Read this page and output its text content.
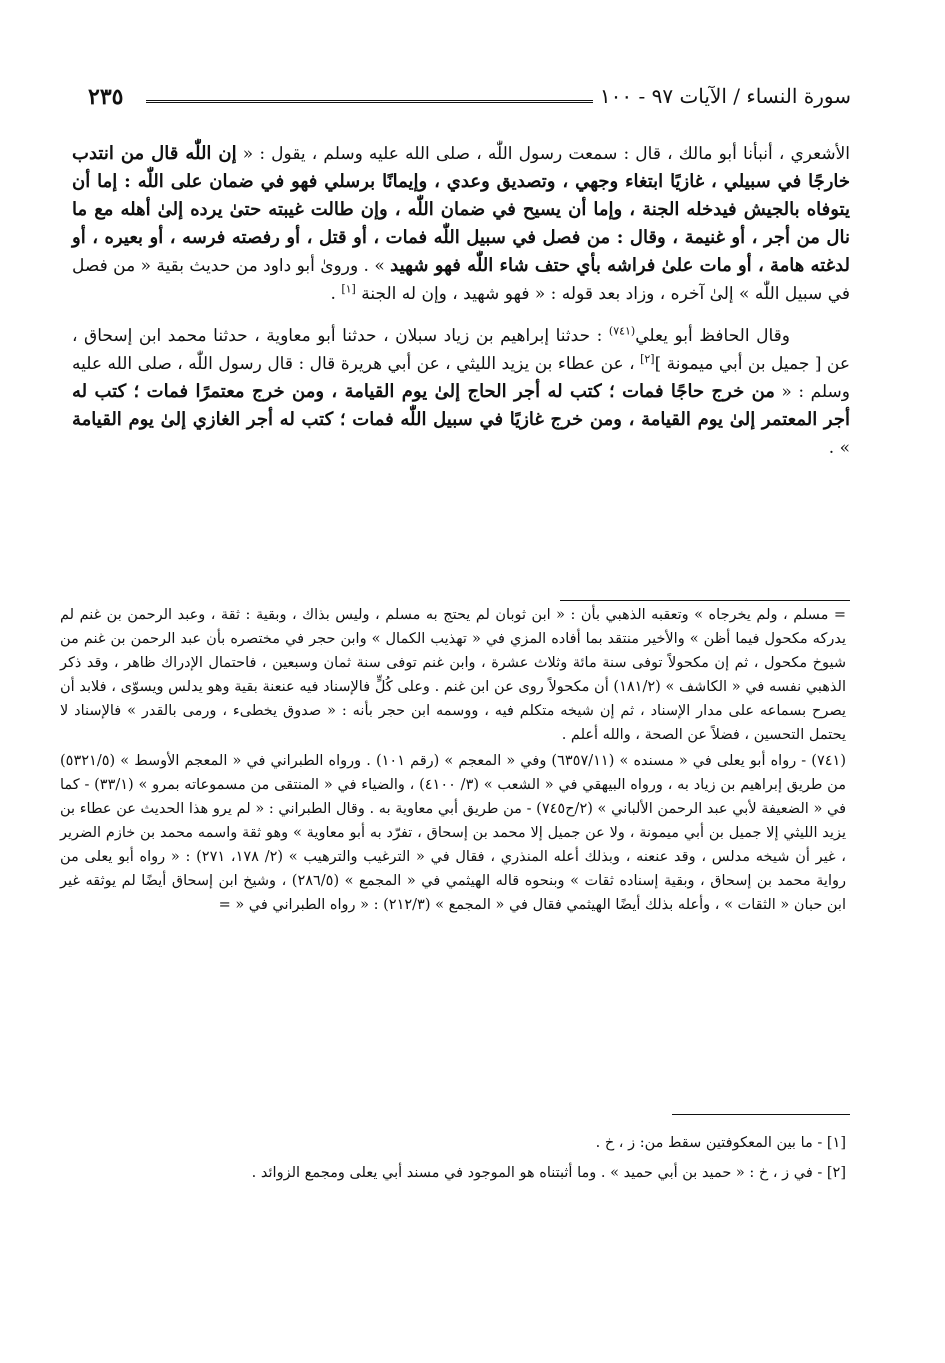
سورة النساء / الآيات ٩٧ - ١٠٠
٢٣٥

الأشعري ، أنبأنا أبو مالك ، قال : سمعت رسول اللّٰه ، صلى الله عليه وسلم ، يقول : « إن اللّٰه قال من انتدب خارجًا في سبيلي ، غازيًا ابتغاء وجهي ، وتصديق وعدي ، وإيمانًا برسلي فهو في ضمان على اللّٰه : إما أن يتوفاه بالجيش فيدخله الجنة ، وإما أن يسيح في ضمان اللّٰه ، وإن طالت غيبته حتىٰ يرده إلىٰ أهله مع ما نال من أجر ، أو غنيمة ، وقال : من فصل في سبيل اللّٰه فمات ، أو قتل ، أو رفصته فرسه ، أو بعيره ، أو لدغته هامة ، أو مات علىٰ فراشه بأي حتف شاء اللّٰه فهو شهيد » . وروىٰ أبو داود من حديث بقية « من فصل في سبيل اللّٰه » إلىٰ آخره ، وزاد بعد قوله : « فهو شهيد ، وإن له الجنة [١] .

وقال الحافظ أبو يعلي$^{(٧٤١)}$ : حدثنا إبراهيم بن زياد سبلان ، حدثنا أبو معاوية ، حدثنا محمد ابن إسحاق ، عن [ جميل بن أبي ميمونة ][٢] ، عن عطاء بن يزيد الليثي ، عن أبي هريرة قال : قال رسول اللّٰه ، صلى الله عليه وسلم : « من خرج حاجًا فمات ؛ كتب له أجر الحاج إلىٰ يوم القيامة ، ومن خرج معتمرًا فمات ؛ كتب له أجر المعتمر إلىٰ يوم القيامة ، ومن خرج غازيًا في سبيل اللّٰه فمات ؛ كتب له أجر الغازي إلىٰ يوم القيامة » .

= مسلم ، ولم يخرجاه » وتعقبه الذهبي بأن : « ابن ثوبان لم يحتج به مسلم ، وليس بذاك ، وبقية : ثقة ، وعبد الرحمن بن غنم لم يدركه مكحول فيما أظن » والأخير منتقد بما أفاده المزي في « تهذيب الكمال » وابن حجر في مختصره بأن عبد الرحمن بن غنم من شيوخ مكحول ، ثم إن مكحولاً توفى سنة مائة وثلاث عشرة ، وابن غنم توفى سنة ثمان وسبعين ، فاحتمال الإدراك ظاهر ، وقد ذكر الذهبي نفسه في « الكاشف » (١٨١/٢) أن مكحولاً روى عن ابن غنم . وعلى كُلٍّ فالإسناد فيه عنعنة بقية وهو يدلس ويسوّى ، فلابد أن يصرح بسماعه على مدار الإسناد ، ثم إن شيخه متكلم فيه ، ووسمه ابن حجر بأنه : « صدوق يخطىء ، ورمى بالقدر » فالإسناد لا يحتمل التحسين ، فضلاً عن الصحة ، والله أعلم .

(٧٤١) - رواه أبو يعلى في « مسنده » (٦٣٥٧/١١) وفي « المعجم » (رقم ١٠١) . ورواه الطبراني في « المعجم الأوسط » (٥٣٢١/٥) من طريق إبراهيم بن زياد به ، ورواه البيهقي في « الشعب » (٣/ ٤١٠٠) ، والضياء في « المنتقى من مسموعاته بمرو » (٣٣/١) - كما في « الضعيفة لأبي عبد الرحمن الألباني » (٢/ح٧٤٥) - من طريق أبي معاوية به . وقال الطبراني : « لم يرو هذا الحديث عن عطاء بن يزيد الليثي إلا جميل بن أبي ميمونة ، ولا عن جميل إلا محمد بن إسحاق ، تفرّد به أبو معاوية » وهو ثقة واسمه محمد بن خازم الضرير ، غير أن شيخه مدلس ، وقد عنعنه ، وبذلك أعله المنذري ، فقال في « الترغيب والترهيب » (٢/ ١٧٨، ٢٧١) : « رواه أبو يعلى من رواية محمد بن إسحاق ، وبقية إسناده ثقات » وبنحوه قاله الهيثمي في « المجمع » (٢٨٦/٥) ، وشيخ ابن إسحاق أيضًا لم يوثقه غير ابن حبان « الثقات » ، وأعله بذلك أيضًا الهيثمي فقال في « المجمع » (٢١٢/٣) : « رواه الطبراني في « =

[١] - ما بين المعكوفتين سقط من: ز ، خ .

[٢] - في ز ، خ : « حميد بن أبي حميد » . وما أثبتناه هو الموجود في مسند أبي يعلى ومجمع الزوائد .
